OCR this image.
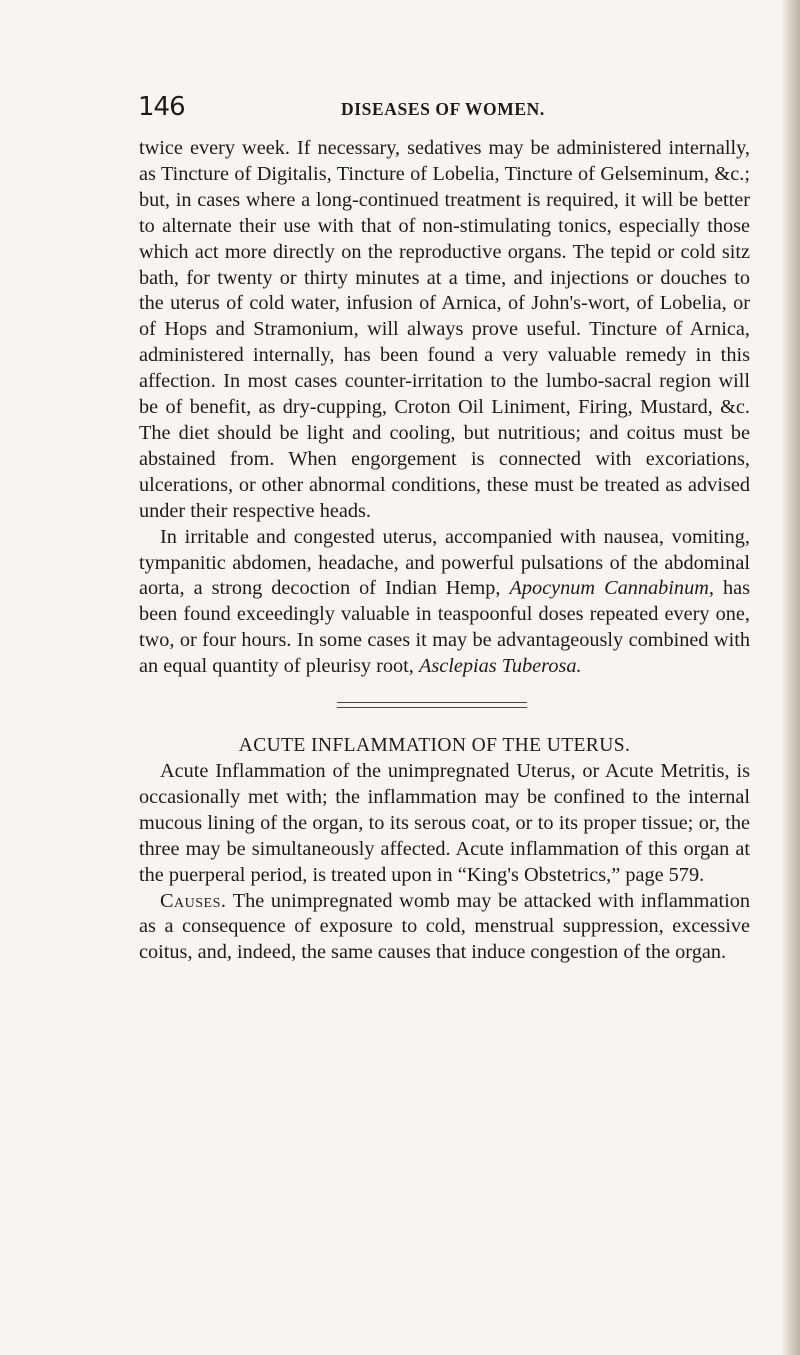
146	DISEASES OF WOMEN.

twice every week. If necessary, sedatives may be administered internally, as Tincture of Digitalis, Tincture of Lobelia, Tincture of Gelseminum, &c.; but, in cases where a long-continued treatment is required, it will be better to alternate their use with that of non-stimulating tonics, especially those which act more directly on the reproductive organs. The tepid or cold sitz bath, for twenty or thirty minutes at a time, and injections or douches to the uterus of cold water, infusion of Arnica, of John's-wort, of Lobelia, or of Hops and Stramonium, will always prove useful. Tincture of Arnica, administered internally, has been found a very valuable remedy in this affection. In most cases counter-irritation to the lumbo-sacral region will be of benefit, as dry-cupping, Croton Oil Liniment, Firing, Mustard, &c. The diet should be light and cooling, but nutritious; and coitus must be abstained from. When engorgement is connected with excoriations, ulcerations, or other abnormal conditions, these must be treated as advised under their respective heads.

In irritable and congested uterus, accompanied with nausea, vomiting, tympanitic abdomen, headache, and powerful pulsations of the abdominal aorta, a strong decoction of Indian Hemp, Apocynum Cannabinum, has been found exceedingly valuable in teaspoonful doses repeated every one, two, or four hours. In some cases it may be advantageously combined with an equal quantity of pleurisy root, Asclepias Tuberosa.

ACUTE INFLAMMATION OF THE UTERUS.

Acute Inflammation of the unimpregnated Uterus, or Acute Metritis, is occasionally met with; the inflammation may be confined to the internal mucous lining of the organ, to its serous coat, or to its proper tissue; or, the three may be simultaneously affected. Acute inflammation of this organ at the puerperal period, is treated upon in “King's Obstetrics,” page 579.

Causes. The unimpregnated womb may be attacked with inflammation as a consequence of exposure to cold, menstrual suppression, excessive coitus, and, indeed, the same causes that induce congestion of the organ.
